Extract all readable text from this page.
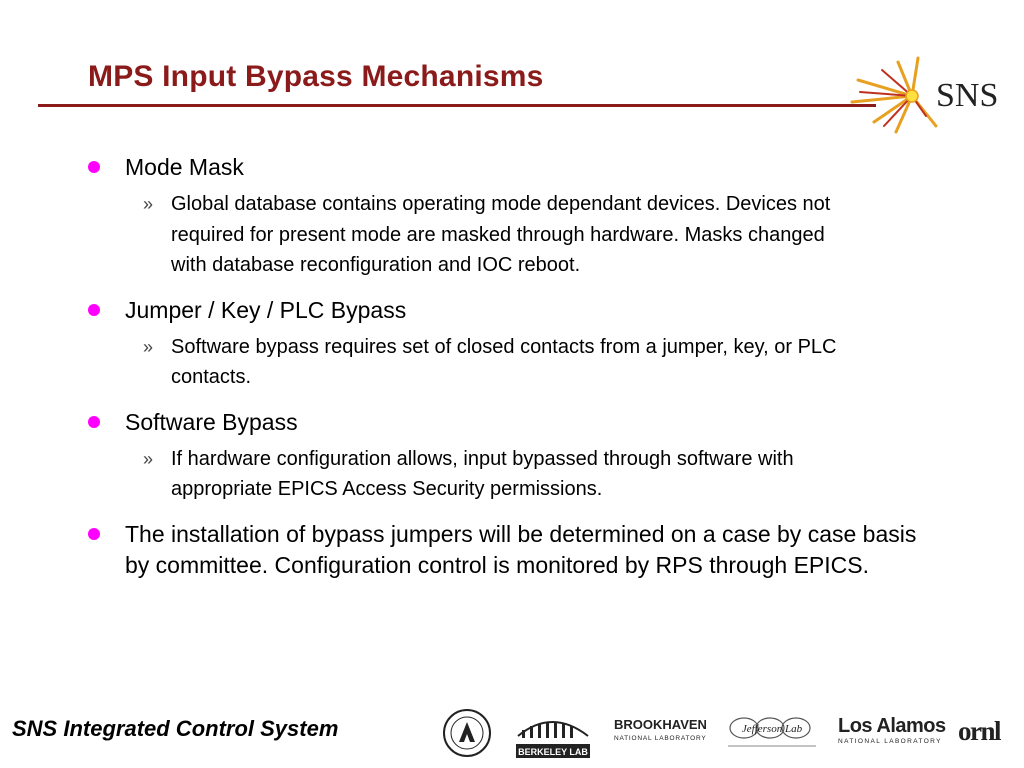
MPS Input Bypass Mechanisms
SNS
Mode Mask
» Global database contains operating mode dependant devices. Devices not required for present mode are masked through hardware. Masks changed with database reconfiguration and IOC reboot.
Jumper / Key / PLC Bypass
» Software bypass requires set of closed contacts from a jumper, key, or PLC contacts.
Software Bypass
» If hardware configuration allows, input bypassed through software with appropriate EPICS Access Security permissions.
The installation of bypass jumpers will be determined on a case by case basis by committee. Configuration control is monitored by RPS through EPICS.
SNS Integrated Control System
BERKELEY LAB
BROOKHAVEN
NATIONAL LABORATORY
Jefferson Lab Los Alamos
NATIONAL LABORATORY ornl
